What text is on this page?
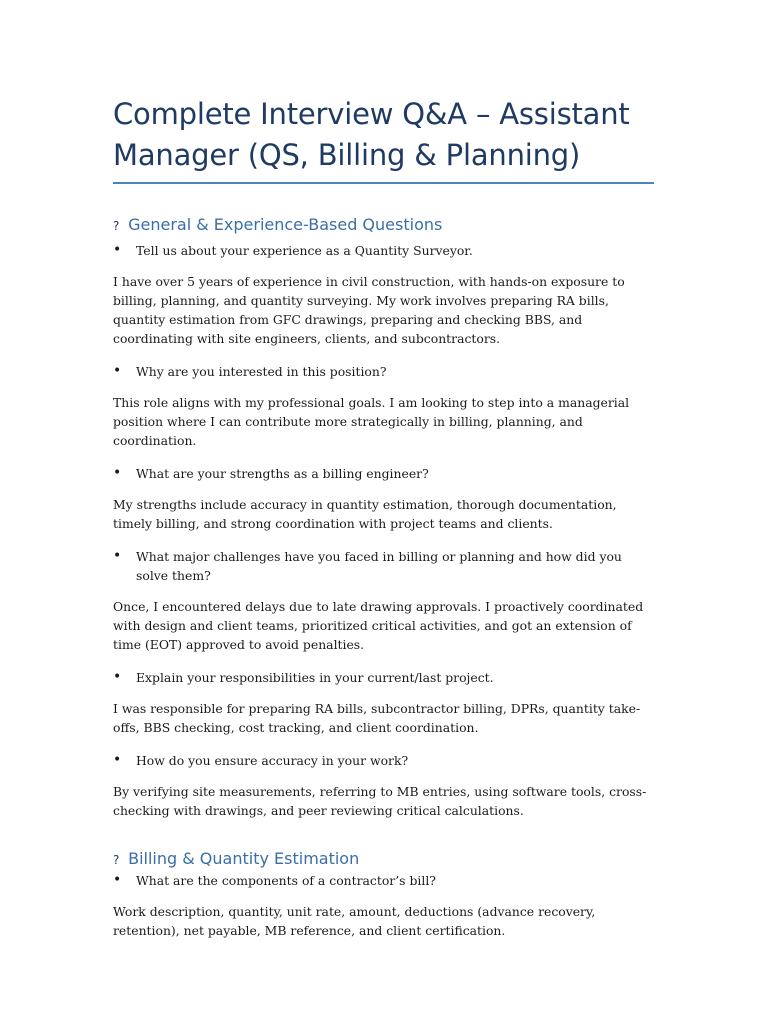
Complete Interview Q&A – Assistant Manager (QS, Billing & Planning)
? General & Experience-Based Questions

• Tell us about your experience as a Quantity Surveyor.

I have over 5 years of experience in civil construction, with hands-on exposure to billing, planning, and quantity surveying. My work involves preparing RA bills, quantity estimation from GFC drawings, preparing and checking BBS, and coordinating with site engineers, clients, and subcontractors.

• Why are you interested in this position?

This role aligns with my professional goals. I am looking to step into a managerial position where I can contribute more strategically in billing, planning, and coordination.

• What are your strengths as a billing engineer?

My strengths include accuracy in quantity estimation, thorough documentation, timely billing, and strong coordination with project teams and clients.

• What major challenges have you faced in billing or planning and how did you solve them?

Once, I encountered delays due to late drawing approvals. I proactively coordinated with design and client teams, prioritized critical activities, and got an extension of time (EOT) approved to avoid penalties.

• Explain your responsibilities in your current/last project.

I was responsible for preparing RA bills, subcontractor billing, DPRs, quantity take-offs, BBS checking, cost tracking, and client coordination.

• How do you ensure accuracy in your work?

By verifying site measurements, referring to MB entries, using software tools, cross-checking with drawings, and peer reviewing critical calculations.

? Billing & Quantity Estimation

• What are the components of a contractor’s bill?

Work description, quantity, unit rate, amount, deductions (advance recovery, retention), net payable, MB reference, and client certification.
